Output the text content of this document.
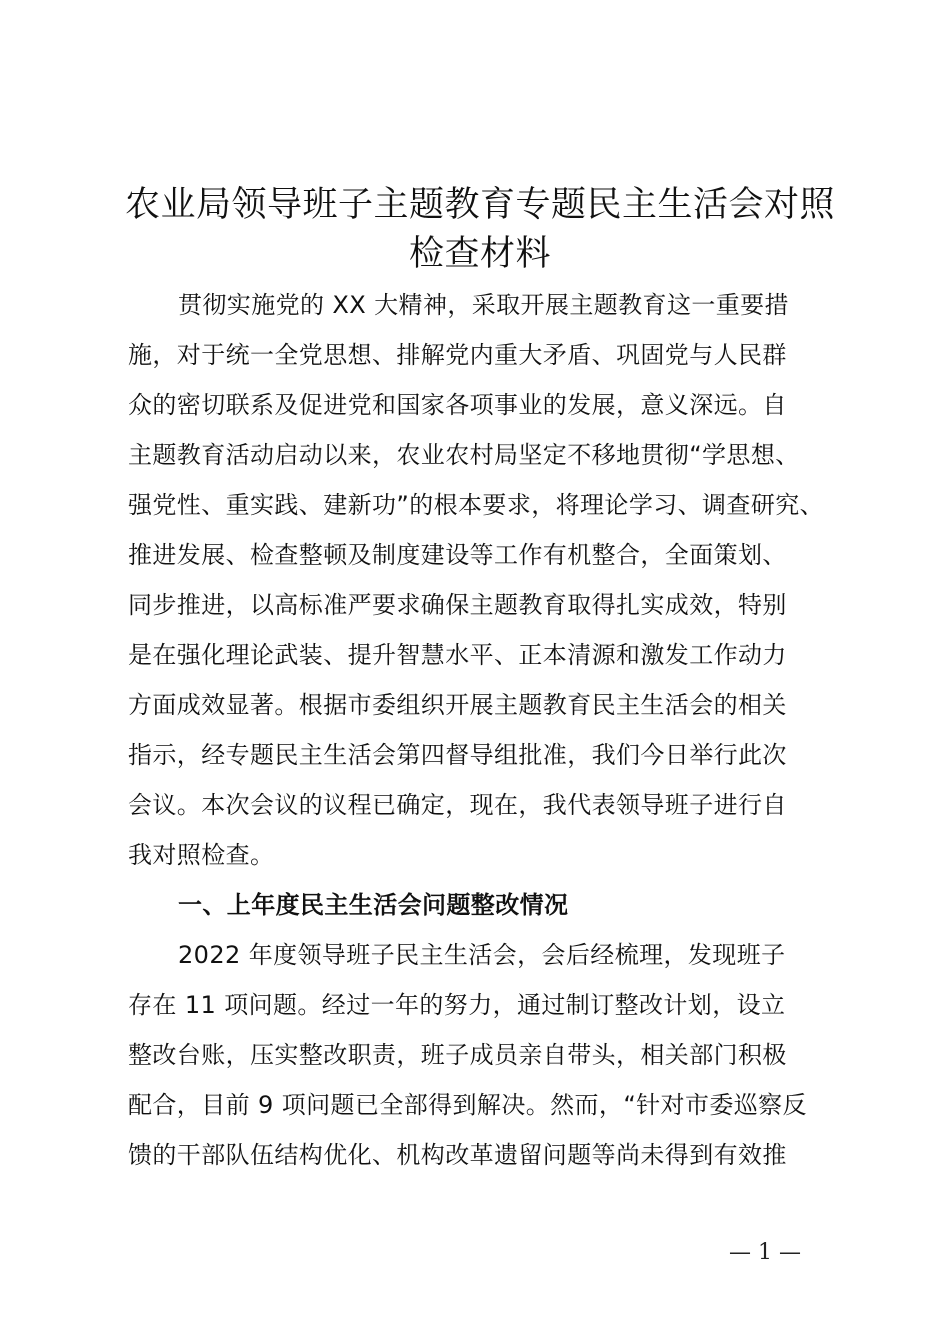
农业局领导班子主题教育专题民主生活会对照
检查材料
贯彻实施党的 XX 大精神，采取开展主题教育这一重要措
施，对于统一全党思想、排解党内重大矛盾、巩固党与人民群
众的密切联系及促进党和国家各项事业的发展，意义深远。自
主题教育活动启动以来，农业农村局坚定不移地贯彻“学思想、
强党性、重实践、建新功”的根本要求，将理论学习、调查研究、
推进发展、检查整顿及制度建设等工作有机整合，全面策划、
同步推进，以高标准严要求确保主题教育取得扎实成效，特别
是在强化理论武装、提升智慧水平、正本清源和激发工作动力
方面成效显著。根据市委组织开展主题教育民主生活会的相关
指示，经专题民主生活会第四督导组批准，我们今日举行此次
会议。本次会议的议程已确定，现在，我代表领导班子进行自
我对照检查。
一、上年度民主生活会问题整改情况
2022 年度领导班子民主生活会，会后经梳理，发现班子
存在 11 项问题。经过一年的努力，通过制订整改计划，设立
整改台账，压实整改职责，班子成员亲自带头，相关部门积极
配合，目前 9 项问题已全部得到解决。然而，“针对市委巡察反
馈的干部队伍结构优化、机构改革遗留问题等尚未得到有效推
— 1 —
